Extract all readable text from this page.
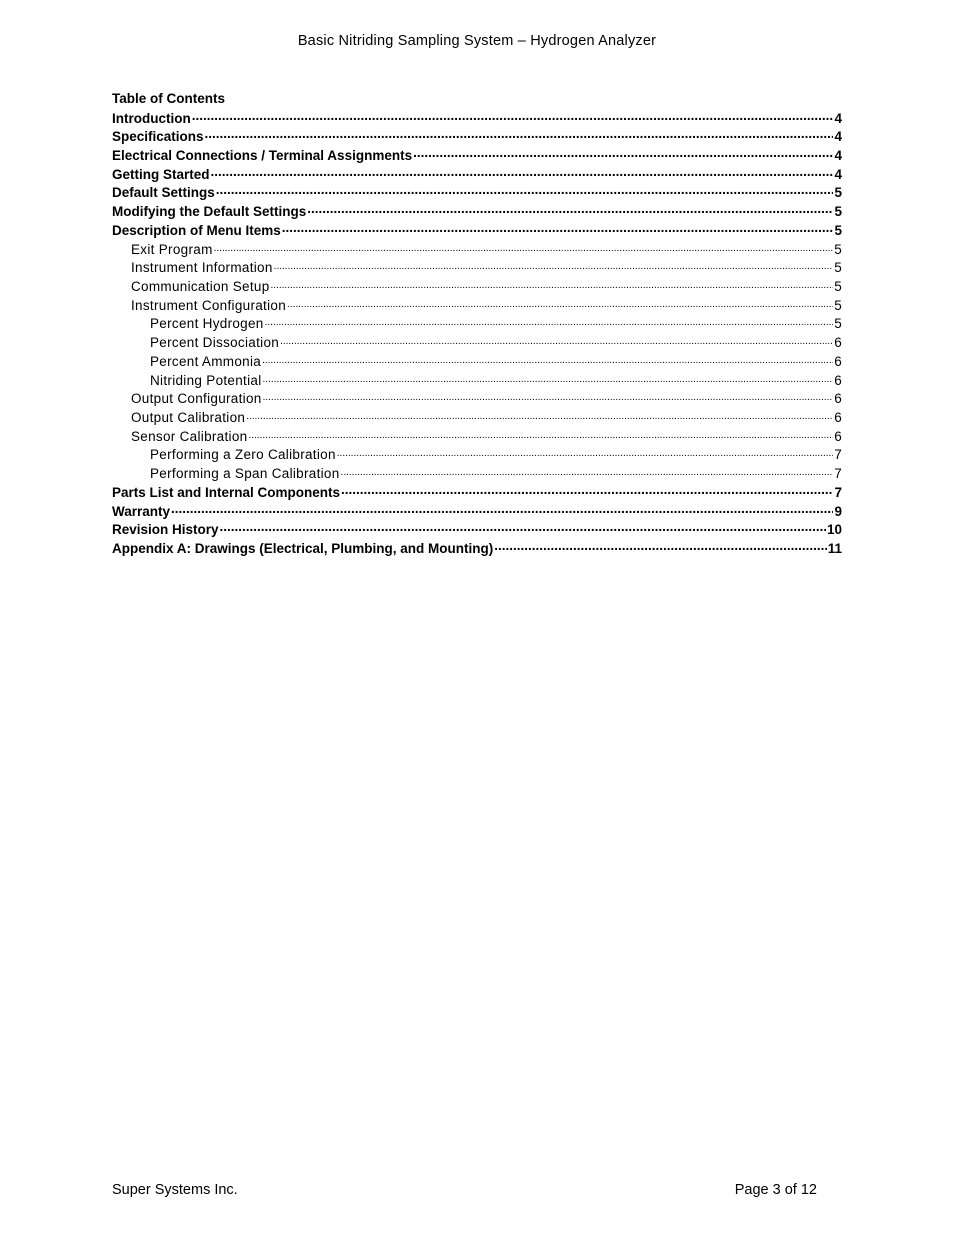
Basic Nitriding Sampling System – Hydrogen Analyzer
Table of Contents
Introduction .....	4
Specifications .....	4
Electrical Connections / Terminal Assignments .....	4
Getting Started .....	4
Default Settings .....	5
Modifying the Default Settings .....	5
Description of Menu Items .....	5
Exit Program .....	5
Instrument Information .....	5
Communication Setup .....	5
Instrument Configuration .....	5
Percent Hydrogen .....	5
Percent Dissociation .....	6
Percent Ammonia .....	6
Nitriding Potential .....	6
Output Configuration .....	6
Output Calibration .....	6
Sensor Calibration .....	6
Performing a Zero Calibration .....	7
Performing a Span Calibration .....	7
Parts List and Internal Components .....	7
Warranty .....	9
Revision History .....	10
Appendix A: Drawings (Electrical, Plumbing, and Mounting) .....	11
Super Systems Inc.	Page 3 of 12
